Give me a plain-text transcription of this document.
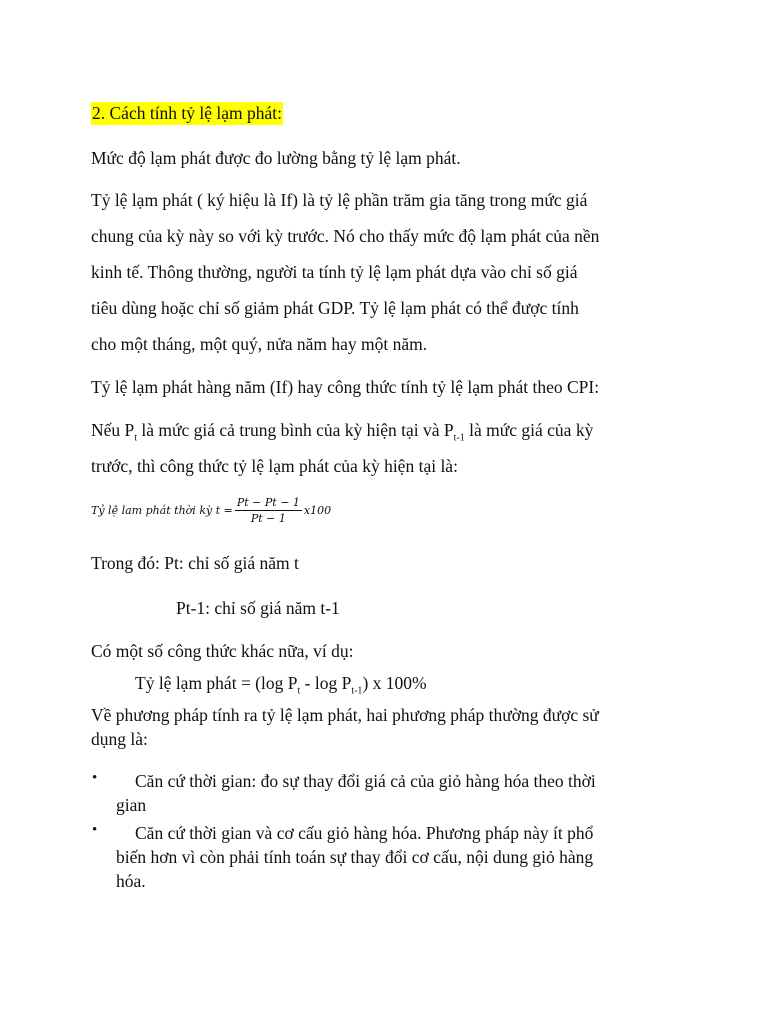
2. Cách tính tỷ lệ lạm phát:
Mức độ lạm phát được đo lường bằng tỷ lệ lạm phát.
Tỷ lệ lạm phát ( ký hiệu là If) là tỷ lệ phần trăm gia tăng trong mức giá
chung của kỳ này so với kỳ trước. Nó cho thấy mức độ lạm phát của nền
kinh tế. Thông thường, người ta tính tỷ lệ lạm phát dựa vào chỉ số giá
tiêu dùng hoặc chỉ số giảm phát GDP. Tỷ lệ lạm phát có thể được tính
cho một tháng, một quý, nửa năm hay một năm.
Tỷ lệ lạm phát hàng năm (If) hay công thức tính tỷ lệ lạm phát theo CPI:
Nếu $P_t$ là mức giá cả trung bình của kỳ hiện tại và $P_{t-1}$ là mức giá của kỳ
trước, thì công thức tỷ lệ lạm phát của kỳ hiện tại là:
Tỷ lệ lam phát thời kỳ $t = \frac{Pt - Pt - 1}{Pt - 1} x100$
Trong đó: Pt: chỉ số giá năm t
Pt-1: chỉ số giá năm t-1
Có một số công thức khác nữa, ví dụ:
Tỷ lệ lạm phát = (log $P_t$ - $\log P_{t-1}$) x 100%
Về phương pháp tính ra tỷ lệ lạm phát, hai phương pháp thường được sử
dụng là:
• Căn cứ thời gian: đo sự thay đổi giá cả của giỏ hàng hóa theo thời
gian
• Căn cứ thời gian và cơ cấu giỏ hàng hóa. Phương pháp này ít phổ
biến hơn vì còn phải tính toán sự thay đổi cơ cấu, nội dung giỏ hàng
hóa.
